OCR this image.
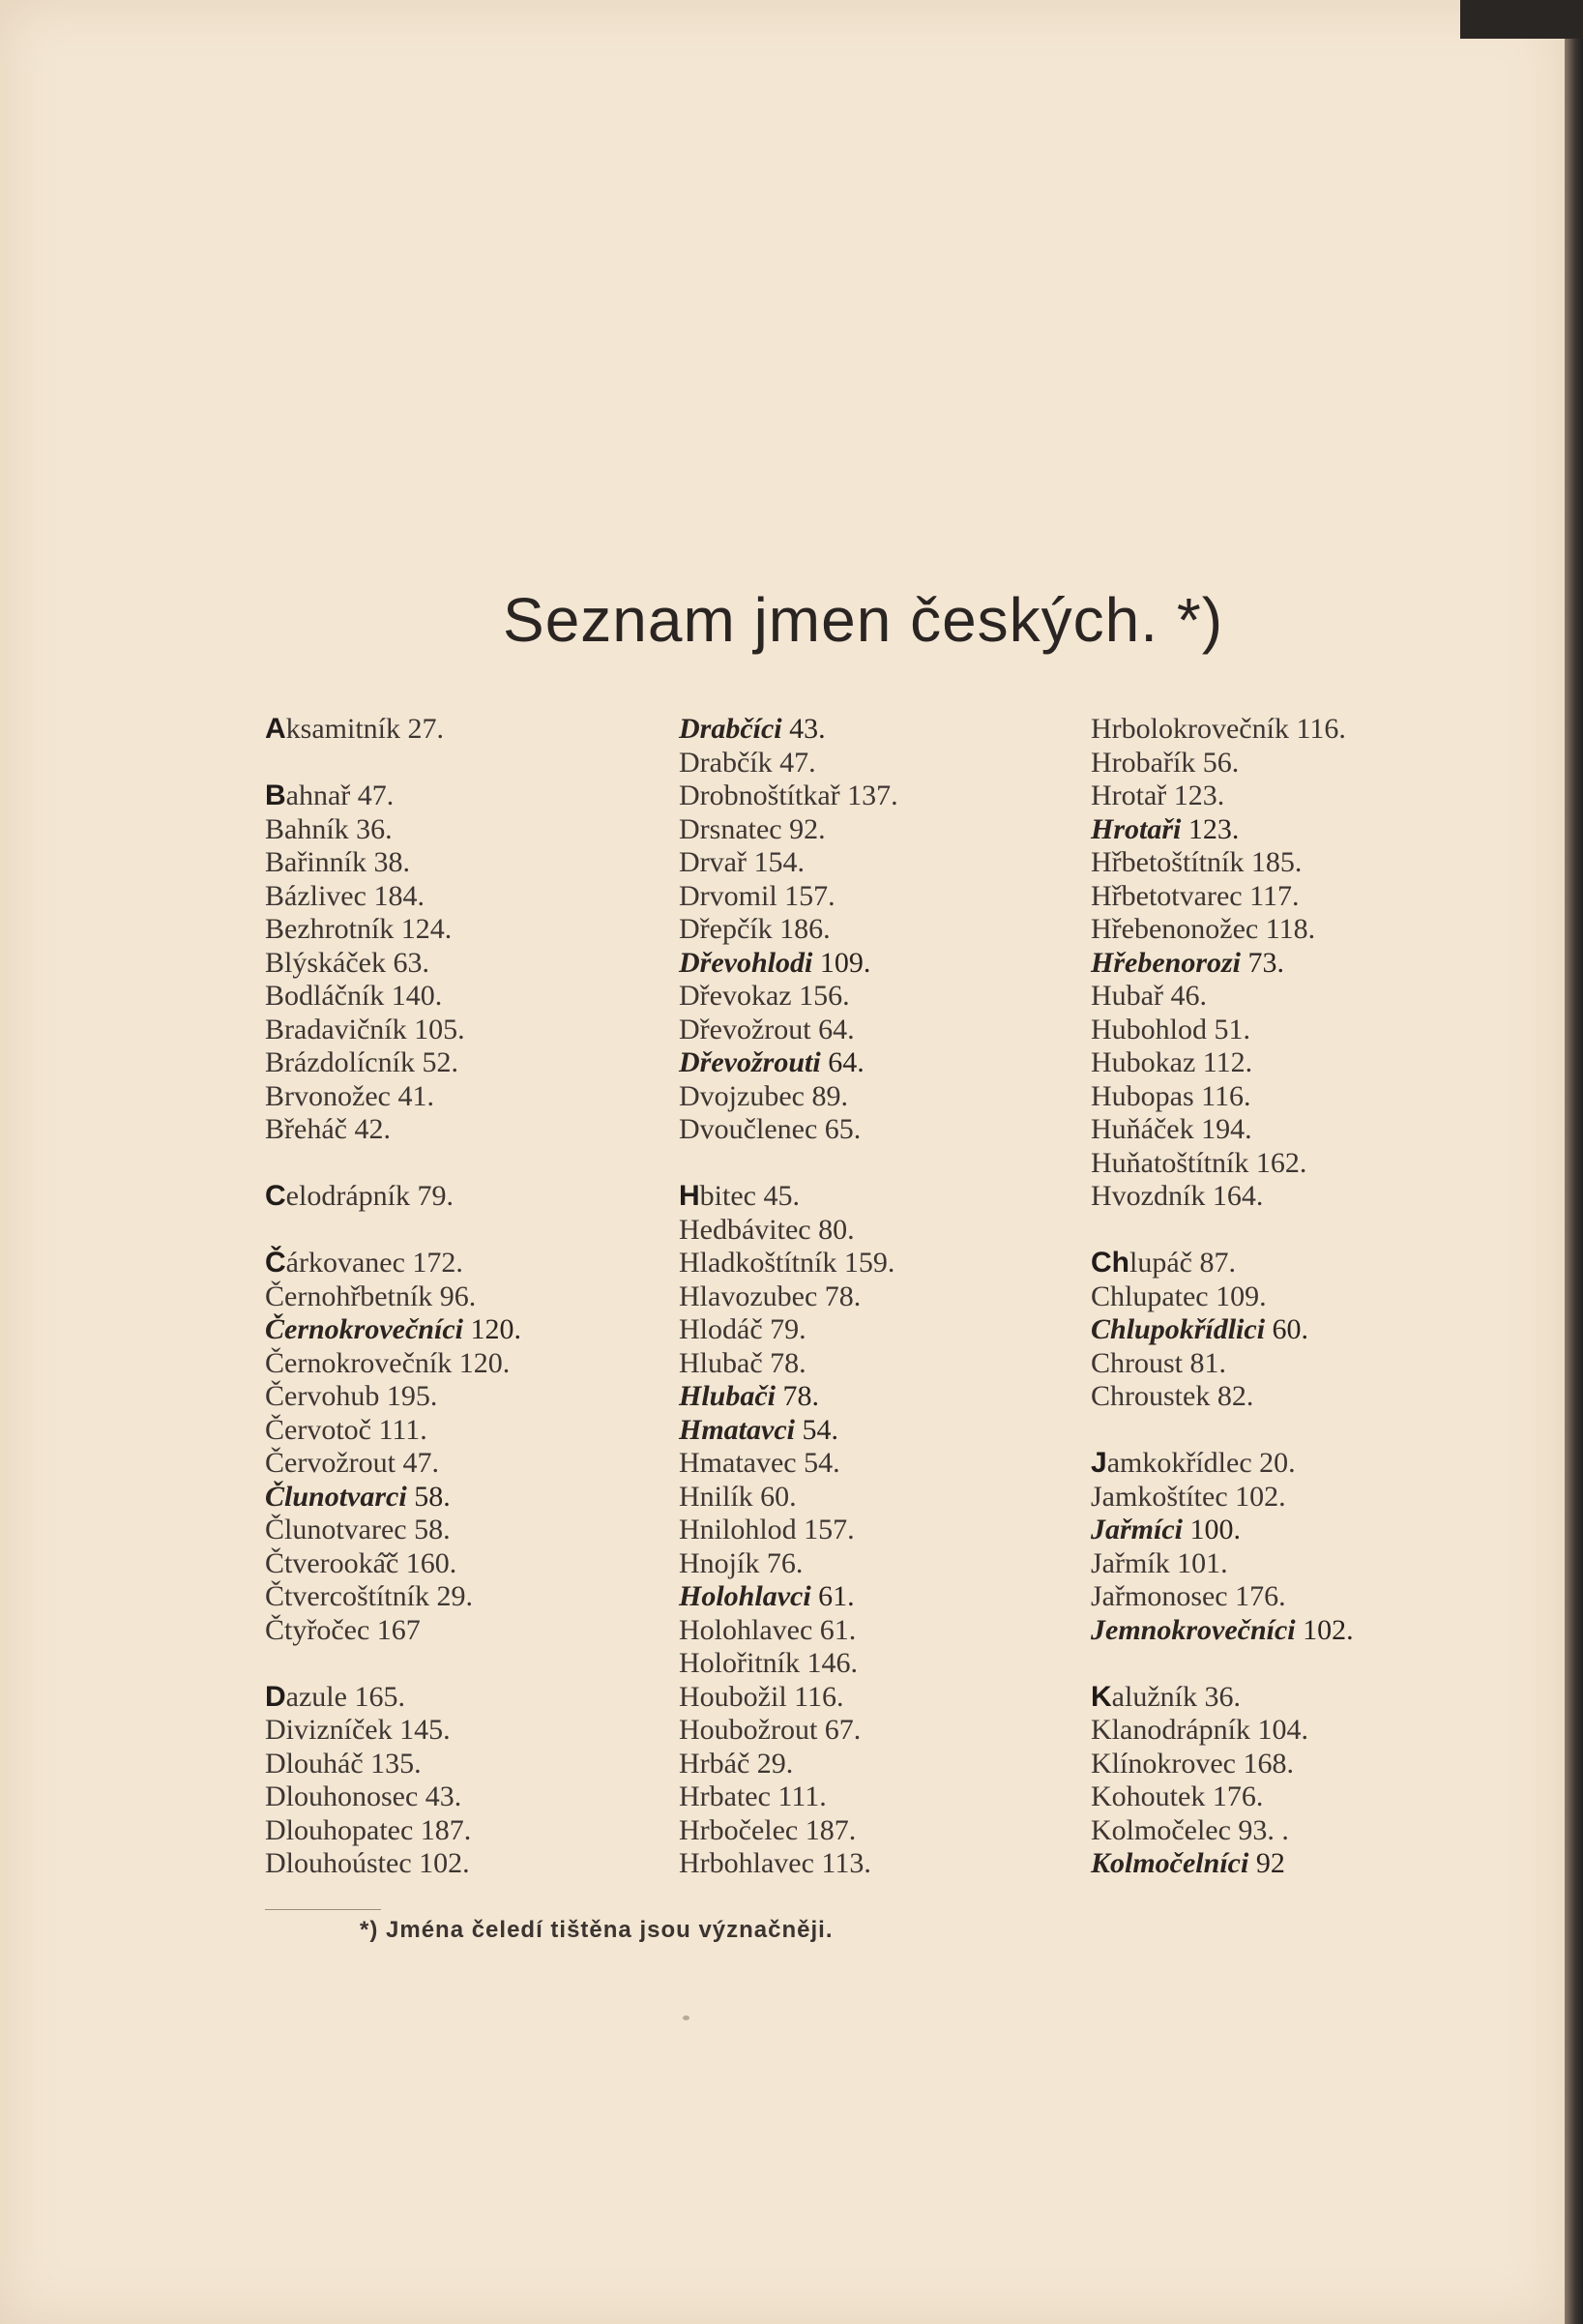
Seznam jmen českých. *)
Aksamitník 27.
Bahnař 47.
Bahník 36.
Bařinník 38.
Bázlivec 184.
Bezhrotník 124.
Blýskáček 63.
Bodláčník 140.
Bradavičník 105.
Brázdolícník 52.
Brvonožec 41.
Břeháč 42.
Celodrápník 79.
Čárkovanec 172.
Černohřbetník 96.
Černokrovečníci 120.
Černokrovečník 120.
Červohub 195.
Červotoč 111.
Červožrout 47.
Člunotvarci 58.
Člunotvarec 58.
Čtverooká̌č 160.
Čtvercoštítník 29.
Čtyřočec 167
Dazule 165.
Divizníček 145.
Dlouháč 135.
Dlouhonosec 43.
Dlouhopatec 187.
Dlouhoústec 102.
Drabčíci 43.
Drabčík 47.
Drobnoštítkař 137.
Drsnatec 92.
Drvař 154.
Drvomil 157.
Dřepčík 186.
Dřevohlodi 109.
Dřevokaz 156.
Dřevožrout 64.
Dřevožrouti 64.
Dvojzubec 89.
Dvoučlenec 65.
Hbitec 45.
Hedbávitec 80.
Hladkoštítník 159.
Hlavozubec 78.
Hlodáč 79.
Hlubač 78.
Hlubači 78.
Hmatavci 54.
Hmatavec 54.
Hnilík 60.
Hnilohlod 157.
Hnojík 76.
Holohlavci 61.
Holohlavec 61.
Holořitník 146.
Houbožil 116.
Houbožrout 67.
Hrbáč 29.
Hrbatec 111.
Hrbočelec 187.
Hrbohlavec 113.
Hrbolokrovečník 116.
Hrobařík 56.
Hrotař 123.
Hrotaři 123.
Hřbetoštítník 185.
Hřbetotvarec 117.
Hřebenonožec 118.
Hřebenorozi 73.
Hubař 46.
Hubohlod 51.
Hubokaz 112.
Hubopas 116.
Huňáček 194.
Huňatoštítník 162.
Hvozdník 164.
Chlupáč 87.
Chlupatec 109.
Chlupokřídlici 60.
Chroust 81.
Chroustek 82.
Jamkokřídlec 20.
Jamkoštítec 102.
Jařmíci 100.
Jařmík 101.
Jařmonosec 176.
Jemnokrovečníci 102.
Kalužník 36.
Klanodrápník 104.
Klínokrovec 168.
Kohoutek 176.
Kolmočelec 93. .
Kolmočelníci 92
*) Jména čeledí tištěna jsou význačněji.
